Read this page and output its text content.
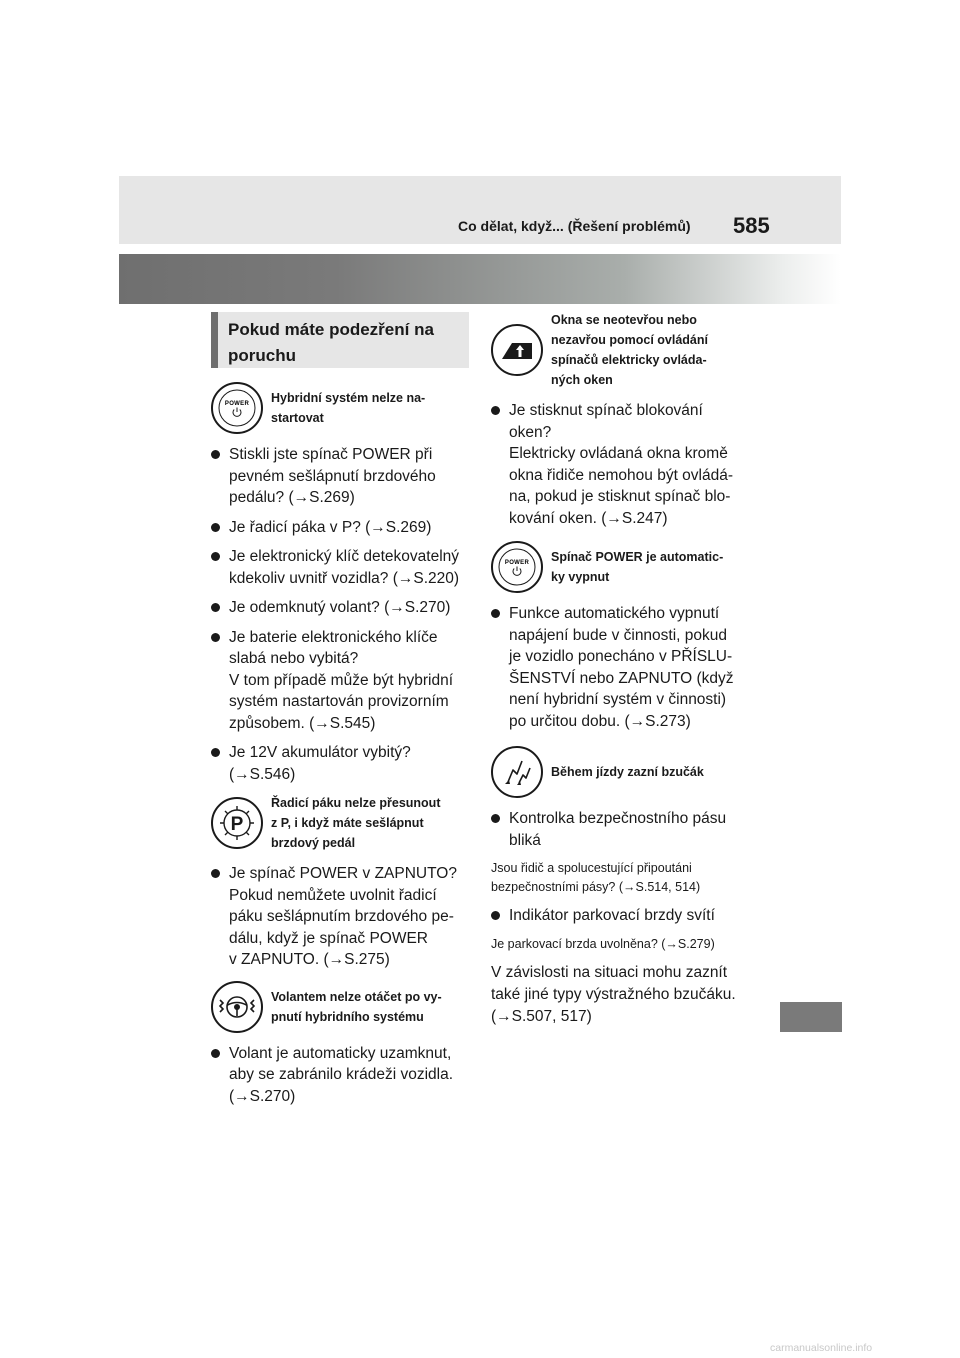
Co dělat, když... (Řešení problémů) 585
Pokud máte podezření na
poruchu
POWER Hybridní systém nelze na-
startovat
Stiskli jste spínač POWER při
pevném sešlápnutí brzdového
pedálu? (→S.269)
Je řadicí páka v P? (→S.269)
Je elektronický klíč detekovatelný
kdekoliv uvnitř vozidla? (→S.220)
Je odemknutý volant? (→S.270)
Je baterie elektronického klíče
slabá nebo vybitá?
V tom případě může být hybridní
systém nastartován provizorním
způsobem. (→S.545)
Je 12V akumulátor vybitý?
(→S.546)
P
Řadicí páku nelze přesunout
z P, i když máte sešlápnut
brzdový pedál
Je spínač POWER v ZAPNUTO?
Pokud nemůžete uvolnit řadicí
páku sešlápnutím brzdového pe-
dálu, když je spínač POWER
v ZAPNUTO. (→S.275)
Volantem nelze otáčet po vy-
pnutí hybridního systému
Volant je automaticky uzamknut,
aby se zabránilo krádeži vozidla.
(→S.270)
Okna se neotevřou nebo
nezavřou pomocí ovládání
spínačů elektricky ovláda-
ných oken
Je stisknut spínač blokování
oken?
Elektricky ovládaná okna kromě
okna řidiče nemohou být ovládá-
na, pokud je stisknut spínač blo-
kování oken. (→S.247)
POWER Spínač POWER je automatic-
ky vypnut
Funkce automatického vypnutí
napájení bude v činnosti, pokud
je vozidlo ponecháno v PŘÍSLU-
ŠENSTVÍ nebo ZAPNUTO (když
není hybridní systém v činnosti)
po určitou dobu. (→S.273)
Během jízdy zazní bzučák
Kontrolka bezpečnostního pásu
bliká
Jsou řidič a spolucestující připoutáni
bezpečnostními pásy? (→S.514, 514)
Indikátor parkovací brzdy svítí
Je parkovací brzda uvolněna? (→S.279)
V závislosti na situaci mohu zaznít
také jiné typy výstražného bzučáku.
(→S.507, 517)
carmanualsonline.info
